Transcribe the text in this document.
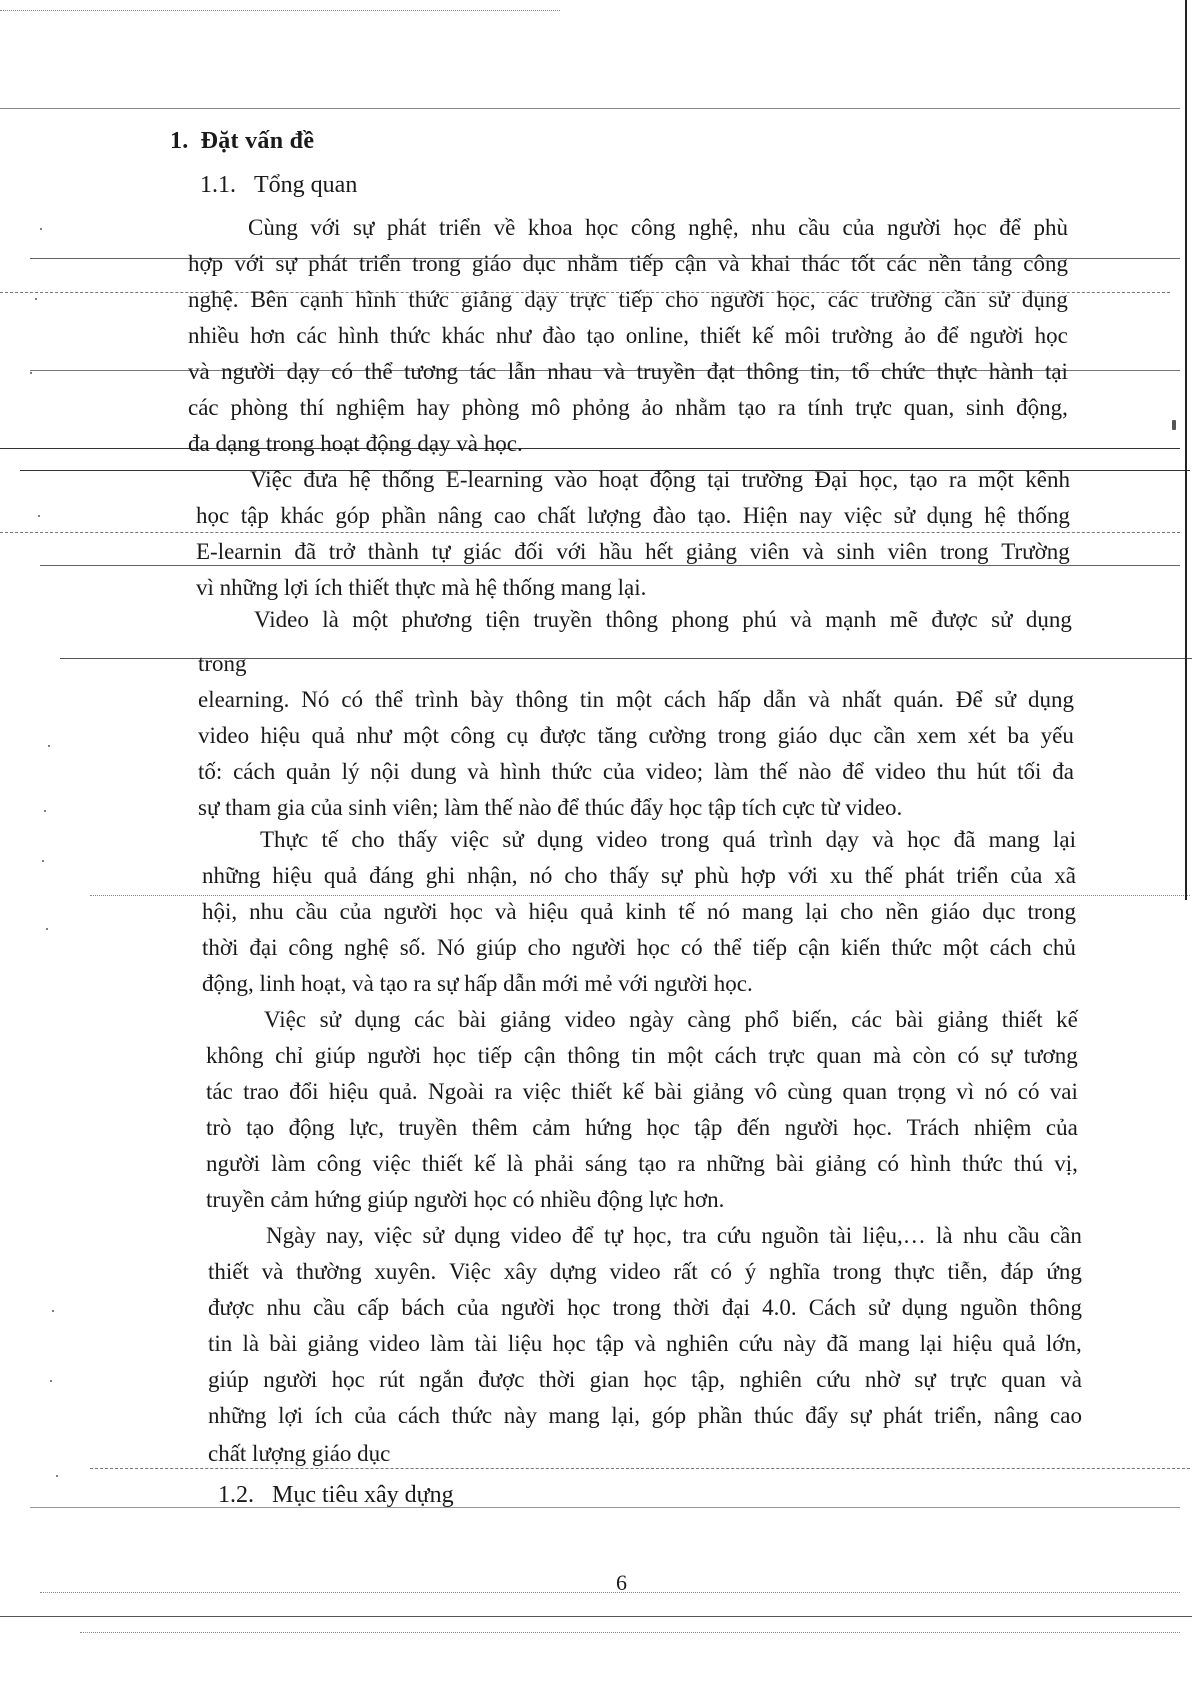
1. Đặt vấn đề
1.1. Tổng quan
Cùng với sự phát triển về khoa học công nghệ, nhu cầu của người học để phù
hợp với sự phát triển trong giáo dục nhằm tiếp cận và khai thác tốt các nền tảng công
nghệ. Bên cạnh hình thức giảng dạy trực tiếp cho người học, các trường cần sử dụng
nhiều hơn các hình thức khác như đào tạo online, thiết kế môi trường ảo để người học
và người dạy có thể tương tác lẫn nhau và truyền đạt thông tin, tổ chức thực hành tại
các phòng thí nghiệm hay phòng mô phỏng ảo nhằm tạo ra tính trực quan, sinh động,
đa dạng trong hoạt động dạy và học.
Việc đưa hệ thống E-learning vào hoạt động tại trường Đại học, tạo ra một kênh
học tập khác góp phần nâng cao chất lượng đào tạo. Hiện nay việc sử dụng hệ thống
E-learnin đã trở thành tự giác đối với hầu hết giảng viên và sinh viên trong Trường
vì những lợi ích thiết thực mà hệ thống mang lại.
Video là một phương tiện truyền thông phong phú và mạnh mẽ được sử dụng
trong
elearning. Nó có thể trình bày thông tin một cách hấp dẫn và nhất quán. Để sử dụng
video hiệu quả như một công cụ được tăng cường trong giáo dục cần xem xét ba yếu
tố: cách quản lý nội dung và hình thức của video; làm thế nào để video thu hút tối đa
sự tham gia của sinh viên; làm thế nào để thúc đẩy học tập tích cực từ video.
Thực tế cho thấy việc sử dụng video trong quá trình dạy và học đã mang lại
những hiệu quả đáng ghi nhận, nó cho thấy sự phù hợp với xu thế phát triển của xã
hội, nhu cầu của người học và hiệu quả kinh tế nó mang lại cho nền giáo dục trong
thời đại công nghệ số. Nó giúp cho người học có thể tiếp cận kiến thức một cách chủ
động, linh hoạt, và tạo ra sự hấp dẫn mới mẻ với người học.
Việc sử dụng các bài giảng video ngày càng phổ biến, các bài giảng thiết kế
không chỉ giúp người học tiếp cận thông tin một cách trực quan mà còn có sự tương
tác trao đổi hiệu quả. Ngoài ra việc thiết kế bài giảng vô cùng quan trọng vì nó có vai
trò tạo động lực, truyền thêm cảm hứng học tập đến người học. Trách nhiệm của
người làm công việc thiết kế là phải sáng tạo ra những bài giảng có hình thức thú vị,
truyền cảm hứng giúp người học có nhiều động lực hơn.
Ngày nay, việc sử dụng video để tự học, tra cứu nguồn tài liệu,… là nhu cầu cần
thiết và thường xuyên. Việc xây dựng video rất có ý nghĩa trong thực tiễn, đáp ứng
được nhu cầu cấp bách của người học trong thời đại 4.0. Cách sử dụng nguồn thông
tin là bài giảng video làm tài liệu học tập và nghiên cứu này đã mang lại hiệu quả lớn,
giúp người học rút ngắn được thời gian học tập, nghiên cứu nhờ sự trực quan và
những lợi ích của cách thức này mang lại, góp phần thúc đẩy sự phát triển, nâng cao
chất lượng giáo dục
1.2. Mục tiêu xây dựng
6
